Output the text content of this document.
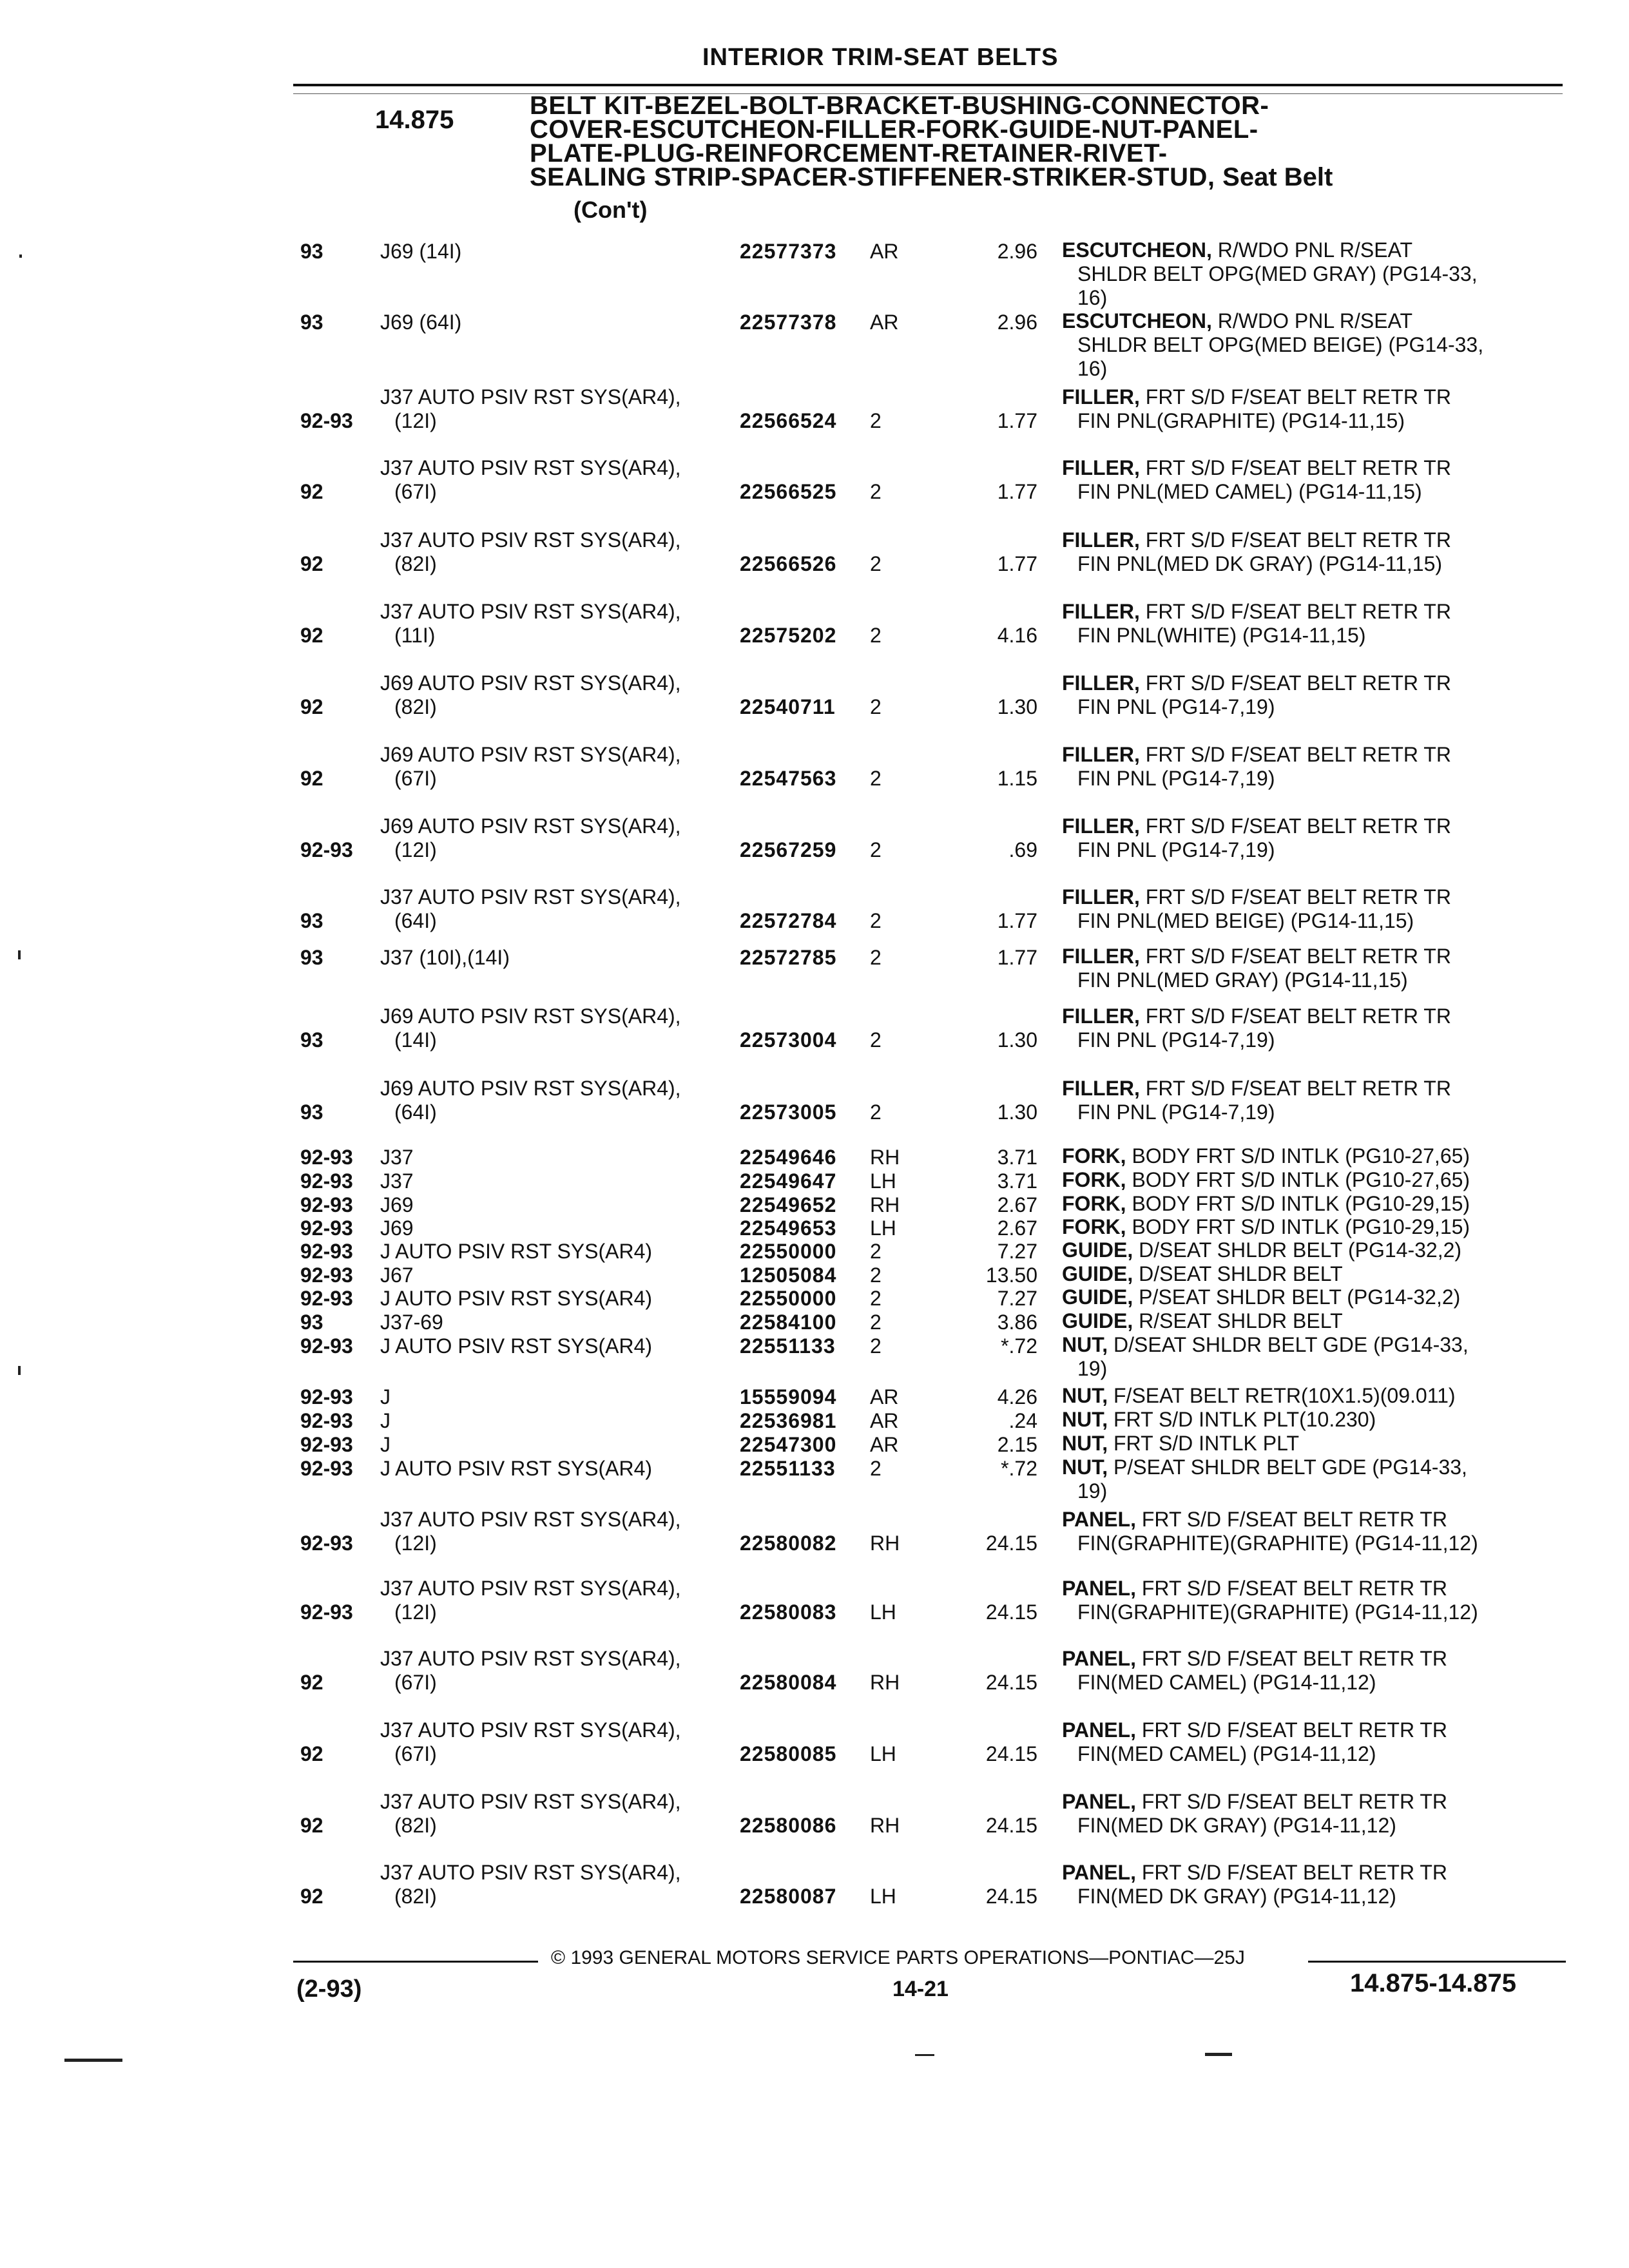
INTERIOR TRIM-SEAT BELTS
14.875	BELT KIT-BEZEL-BOLT-BRACKET-BUSHING-CONNECTOR-
COVER-ESCUTCHEON-FILLER-FORK-GUIDE-NUT-PANEL-
PLATE-PLUG-REINFORCEMENT-RETAINER-RIVET-
SEALING STRIP-SPACER-STIFFENER-STRIKER-STUD, Seat Belt
(Con't)
93	J69 (14I)	22577373	AR	2.96 ESCUTCHEON, R/WDO PNL R/SEAT
SHLDR BELT OPG(MED GRAY) (PG14-33,
16)
93	J69 (64I)	22577378	AR	2.96 ESCUTCHEON, R/WDO PNL R/SEAT
SHLDR BELT OPG(MED BEIGE) (PG14-33,
16)
92-93
J37 AUTO PSIV RST SYS(AR4),
(12I)	22566524	2	1.77
FILLER, FRT S/D F/SEAT BELT RETR TR
FIN PNL(GRAPHITE) (PG14-11,15)
92
J37 AUTO PSIV RST SYS(AR4),
(67I)	22566525	2	1.77
FILLER, FRT S/D F/SEAT BELT RETR TR
FIN PNL(MED CAMEL) (PG14-11,15)
92
J37 AUTO PSIV RST SYS(AR4),
(82I)	22566526	2	1.77
FILLER, FRT S/D F/SEAT BELT RETR TR
FIN PNL(MED DK GRAY) (PG14-11,15)
92
J37 AUTO PSIV RST SYS(AR4),
(11I)	22575202	2	4.16
FILLER, FRT S/D F/SEAT BELT RETR TR
FIN PNL(WHITE) (PG14-11,15)
92
J69 AUTO PSIV RST SYS(AR4),
(82I)	22540711	2	1.30
FILLER, FRT S/D F/SEAT BELT RETR TR
FIN PNL (PG14-7,19)
92
J69 AUTO PSIV RST SYS(AR4),
(67I)	22547563	2	1.15
FILLER, FRT S/D F/SEAT BELT RETR TR
FIN PNL (PG14-7,19)
92-93
J69 AUTO PSIV RST SYS(AR4),
(12I)	22567259	2	.69
FILLER, FRT S/D F/SEAT BELT RETR TR
FIN PNL (PG14-7,19)
93
J37 AUTO PSIV RST SYS(AR4),
(64I)	22572784	2	1.77
FILLER, FRT S/D F/SEAT BELT RETR TR
FIN PNL(MED BEIGE) (PG14-11,15)
93	J37 (10I),(14I)	22572785	2	1.77 FILLER, FRT S/D F/SEAT BELT RETR TR
FIN PNL(MED GRAY) (PG14-11,15)
93
J69 AUTO PSIV RST SYS(AR4),
(14I)	22573004	2	1.30
FILLER, FRT S/D F/SEAT BELT RETR TR
FIN PNL (PG14-7,19)
93
J69 AUTO PSIV RST SYS(AR4),
(64I)	22573005	2	1.30
FILLER, FRT S/D F/SEAT BELT RETR TR
FIN PNL (PG14-7,19)
92-93	J37	22549646	RH	3.71 FORK, BODY FRT S/D INTLK (PG10-27,65)
92-93	J37	22549647	LH	3.71 FORK, BODY FRT S/D INTLK (PG10-27,65)
92-93	J69	22549652	RH	2.67 FORK, BODY FRT S/D INTLK (PG10-29,15)
92-93	J69	22549653	LH	2.67 FORK, BODY FRT S/D INTLK (PG10-29,15)
92-93	J AUTO PSIV RST SYS(AR4)	22550000	2	7.27 GUIDE, D/SEAT SHLDR BELT (PG14-32,2)
92-93	J67	12505084	2	13.50 GUIDE, D/SEAT SHLDR BELT
92-93	J AUTO PSIV RST SYS(AR4)	22550000	2	7.27 GUIDE, P/SEAT SHLDR BELT (PG14-32,2)
93	J37-69	22584100	2	3.86 GUIDE, R/SEAT SHLDR BELT
92-93	J AUTO PSIV RST SYS(AR4)	22551133	2	*.72 NUT, D/SEAT SHLDR BELT GDE (PG14-33,
19)
92-93	J	15559094	AR	4.26 NUT, F/SEAT BELT RETR(10X1.5)(09.011)
92-93	J	22536981	AR	.24 NUT, FRT S/D INTLK PLT(10.230)
92-93	J	22547300	AR	2.15 NUT, FRT S/D INTLK PLT
92-93	J AUTO PSIV RST SYS(AR4)	22551133	2	*.72 NUT, P/SEAT SHLDR BELT GDE (PG14-33,
19)
92-93
J37 AUTO PSIV RST SYS(AR4),
(12I)	22580082	RH	24.15
PANEL, FRT S/D F/SEAT BELT RETR TR
FIN(GRAPHITE)(GRAPHITE) (PG14-11,12)
92-93
J37 AUTO PSIV RST SYS(AR4),
(12I)	22580083	LH	24.15
PANEL, FRT S/D F/SEAT BELT RETR TR
FIN(GRAPHITE)(GRAPHITE) (PG14-11,12)
92
J37 AUTO PSIV RST SYS(AR4),
(67I)	22580084	RH	24.15
PANEL, FRT S/D F/SEAT BELT RETR TR
FIN(MED CAMEL) (PG14-11,12)
92
J37 AUTO PSIV RST SYS(AR4),
(67I)	22580085	LH	24.15
PANEL, FRT S/D F/SEAT BELT RETR TR
FIN(MED CAMEL) (PG14-11,12)
92
J37 AUTO PSIV RST SYS(AR4),
(82I)	22580086	RH	24.15
PANEL, FRT S/D F/SEAT BELT RETR TR
FIN(MED DK GRAY) (PG14-11,12)
92
J37 AUTO PSIV RST SYS(AR4),
(82I)	22580087	LH	24.15
PANEL, FRT S/D F/SEAT BELT RETR TR
FIN(MED DK GRAY) (PG14-11,12)
© 1993 GENERAL MOTORS SERVICE PARTS OPERATIONS—PONTIAC—25J
(2-93)	14-21	14.875-14.875
